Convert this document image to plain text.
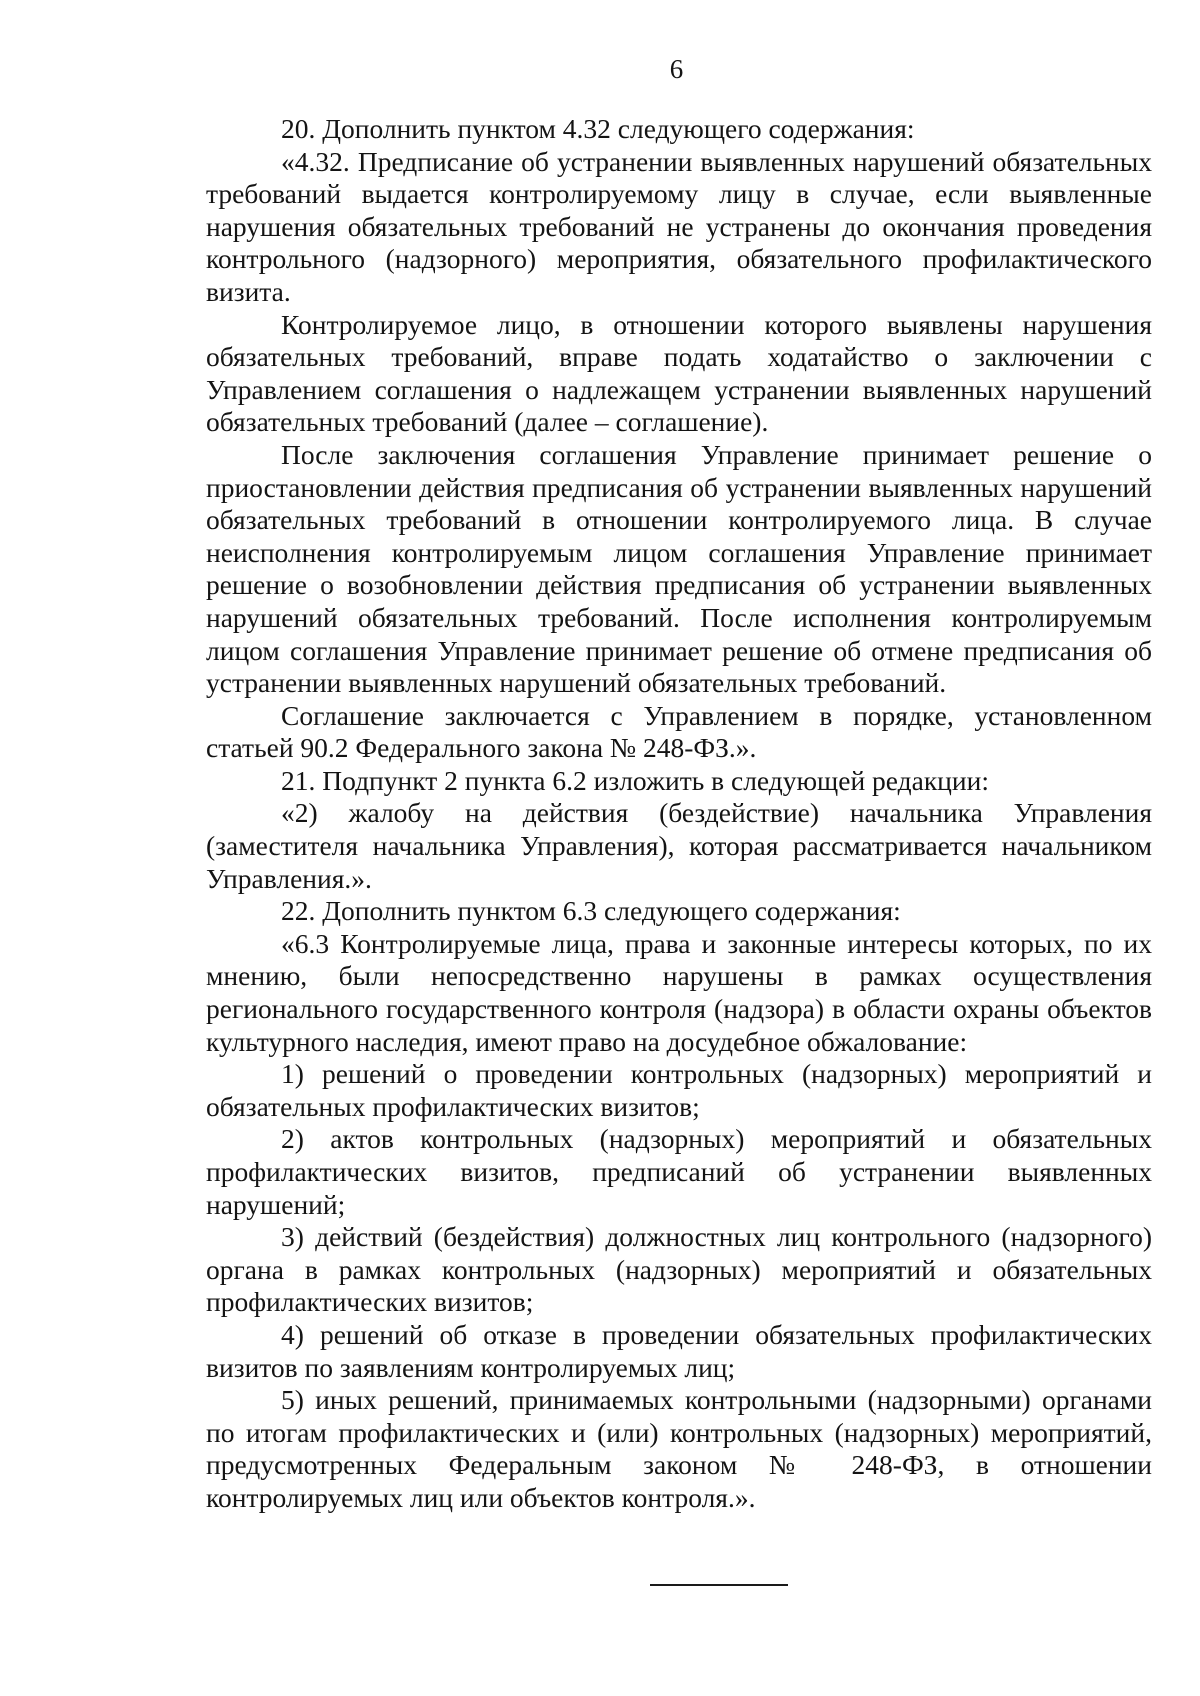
6

20. Дополнить пунктом 4.32 следующего содержания:

«4.32. Предписание об устранении выявленных нарушений обязательных требований выдается контролируемому лицу в случае, если выявленные нарушения обязательных требований не устранены до окончания проведения контрольного (надзорного) мероприятия, обязательного профилактического визита.

Контролируемое лицо, в отношении которого выявлены нарушения обязательных требований, вправе подать ходатайство о заключении с Управлением соглашения о надлежащем устранении выявленных нарушений обязательных требований (далее – соглашение).

После заключения соглашения Управление принимает решение о приостановлении действия предписания об устранении выявленных нарушений обязательных требований в отношении контролируемого лица. В случае неисполнения контролируемым лицом соглашения Управление принимает решение о возобновлении действия предписания об устранении выявленных нарушений обязательных требований. После исполнения контролируемым лицом соглашения Управление принимает решение об отмене предписания об устранении выявленных нарушений обязательных требований.

Соглашение заключается с Управлением в порядке, установленном статьей 90.2 Федерального закона № 248-ФЗ.».

21. Подпункт 2 пункта 6.2 изложить в следующей редакции:

«2) жалобу на действия (бездействие) начальника Управления (заместителя начальника Управления), которая рассматривается начальником Управления.».

22. Дополнить пунктом 6.3 следующего содержания:

«6.3 Контролируемые лица, права и законные интересы которых, по их мнению, были непосредственно нарушены в рамках осуществления регионального государственного контроля (надзора) в области охраны объектов культурного наследия, имеют право на досудебное обжалование:

1) решений о проведении контрольных (надзорных) мероприятий и обязательных профилактических визитов;

2) актов контрольных (надзорных) мероприятий и обязательных профилактических визитов, предписаний об устранении выявленных нарушений;

3) действий (бездействия) должностных лиц контрольного (надзорного) органа в рамках контрольных (надзорных) мероприятий и обязательных профилактических визитов;

4) решений об отказе в проведении обязательных профилактических визитов по заявлениям контролируемых лиц;

5) иных решений, принимаемых контрольными (надзорными) органами по итогам профилактических и (или) контрольных (надзорных) мероприятий, предусмотренных Федеральным законом № 248-ФЗ, в отношении контролируемых лиц или объектов контроля.».
